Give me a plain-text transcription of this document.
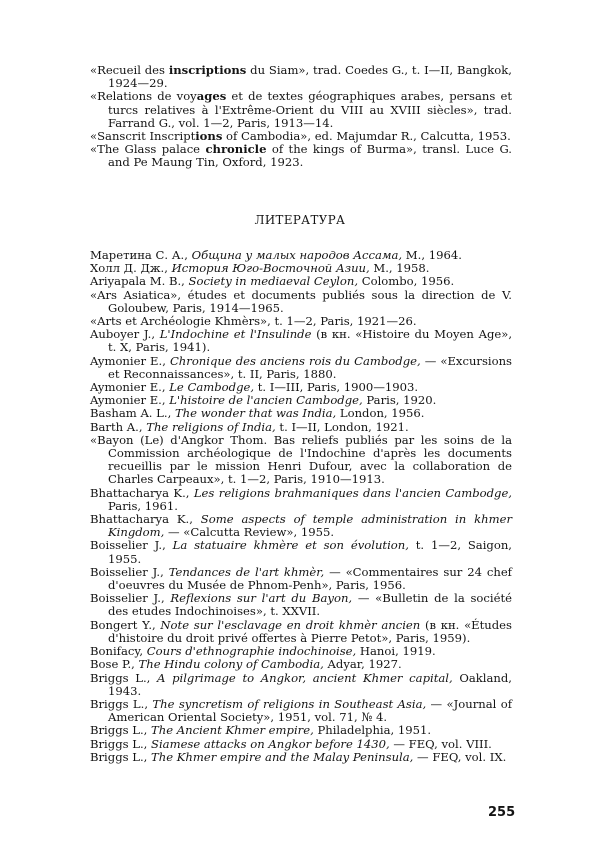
«Recueil des inscriptions du Siam», trad. Coedes G., t. I—II, Bangkok, 1924—29.
«Relations de voyages et de textes géographiques arabes, persans et turcs relatives à l'Extrême-Orient du VIII au XVIII siècles», trad. Farrand G., vol. 1—2, Paris, 1913—14.
«Sanscrit Inscriptions of Cambodia», ed. Majumdar R., Calcutta, 1953.
«The Glass palace chronicle of the kings of Burma», transl. Luce G. and Pe Maung Tin, Oxford, 1923.
ЛИТЕРАТУРА
Маретина С. А., Община у малых народов Ассама, М., 1964.
Холл Д. Дж., История Юго-Восточной Азии, М., 1958.
Ariyapala M. B., Society in mediaeval Ceylon, Colombo, 1956.
«Ars Asiatica», études et documents publiés sous la direction de V. Goloubew, Paris, 1914—1965.
«Arts et Archéologie Khmèrs», t. 1—2, Paris, 1921—26.
Auboyer J., L'Indochine et l'Insulinde (в кн. «Histoire du Moyen Age», t. X, Paris, 1941).
Aymonier E., Chronique des anciens rois du Cambodge, — «Excursions et Reconnaissances», t. II, Paris, 1880.
Aymonier E., Le Cambodge, t. I—III, Paris, 1900—1903.
Aymonier E., L'histoire de l'ancien Cambodge, Paris, 1920.
Basham A. L., The wonder that was India, London, 1956.
Barth A., The religions of India, t. I—II, London, 1921.
«Bayon (Le) d'Angkor Thom. Bas reliefs publiés par les soins de la Commission archéologique de l'Indochine d'après les documents recueillis par le mission Henri Dufour, avec la collaboration de Charles Carpeaux», t. 1—2, Paris, 1910—1913.
Bhattacharya K., Les religions brahmaniques dans l'ancien Cambodge, Paris, 1961.
Bhattacharya K., Some aspects of temple administration in khmer Kingdom, — «Calcutta Review», 1955.
Boisselier J., La statuaire khmère et son évolution, t. 1—2, Saigon, 1955.
Boisselier J., Tendances de l'art khmèr, — «Commentaires sur 24 chef d'oeuvres du Musée de Phnom-Penh», Paris, 1956.
Boisselier J., Reflexions sur l'art du Bayon, — «Bulletin de la société des etudes Indochinoises», t. XXVII.
Bongert Y., Note sur l'esclavage en droit khmèr ancien (в кн. «Études d'histoire du droit privé offertes à Pierre Petot», Paris, 1959).
Bonifacy, Cours d'ethnographie indochinoise, Hanoi, 1919.
Bose P., The Hindu colony of Cambodia, Adyar, 1927.
Briggs L., A pilgrimage to Angkor, ancient Khmer capital, Oakland, 1943.
Briggs L., The syncretism of religions in Southeast Asia, — «Journal of American Oriental Society», 1951, vol. 71, № 4.
Briggs L., The Ancient Khmer empire, Philadelphia, 1951.
Briggs L., Siamese attacks on Angkor before 1430, — FEQ, vol. VIII.
Briggs L., The Khmer empire and the Malay Peninsula, — FEQ, vol. IX.
255
